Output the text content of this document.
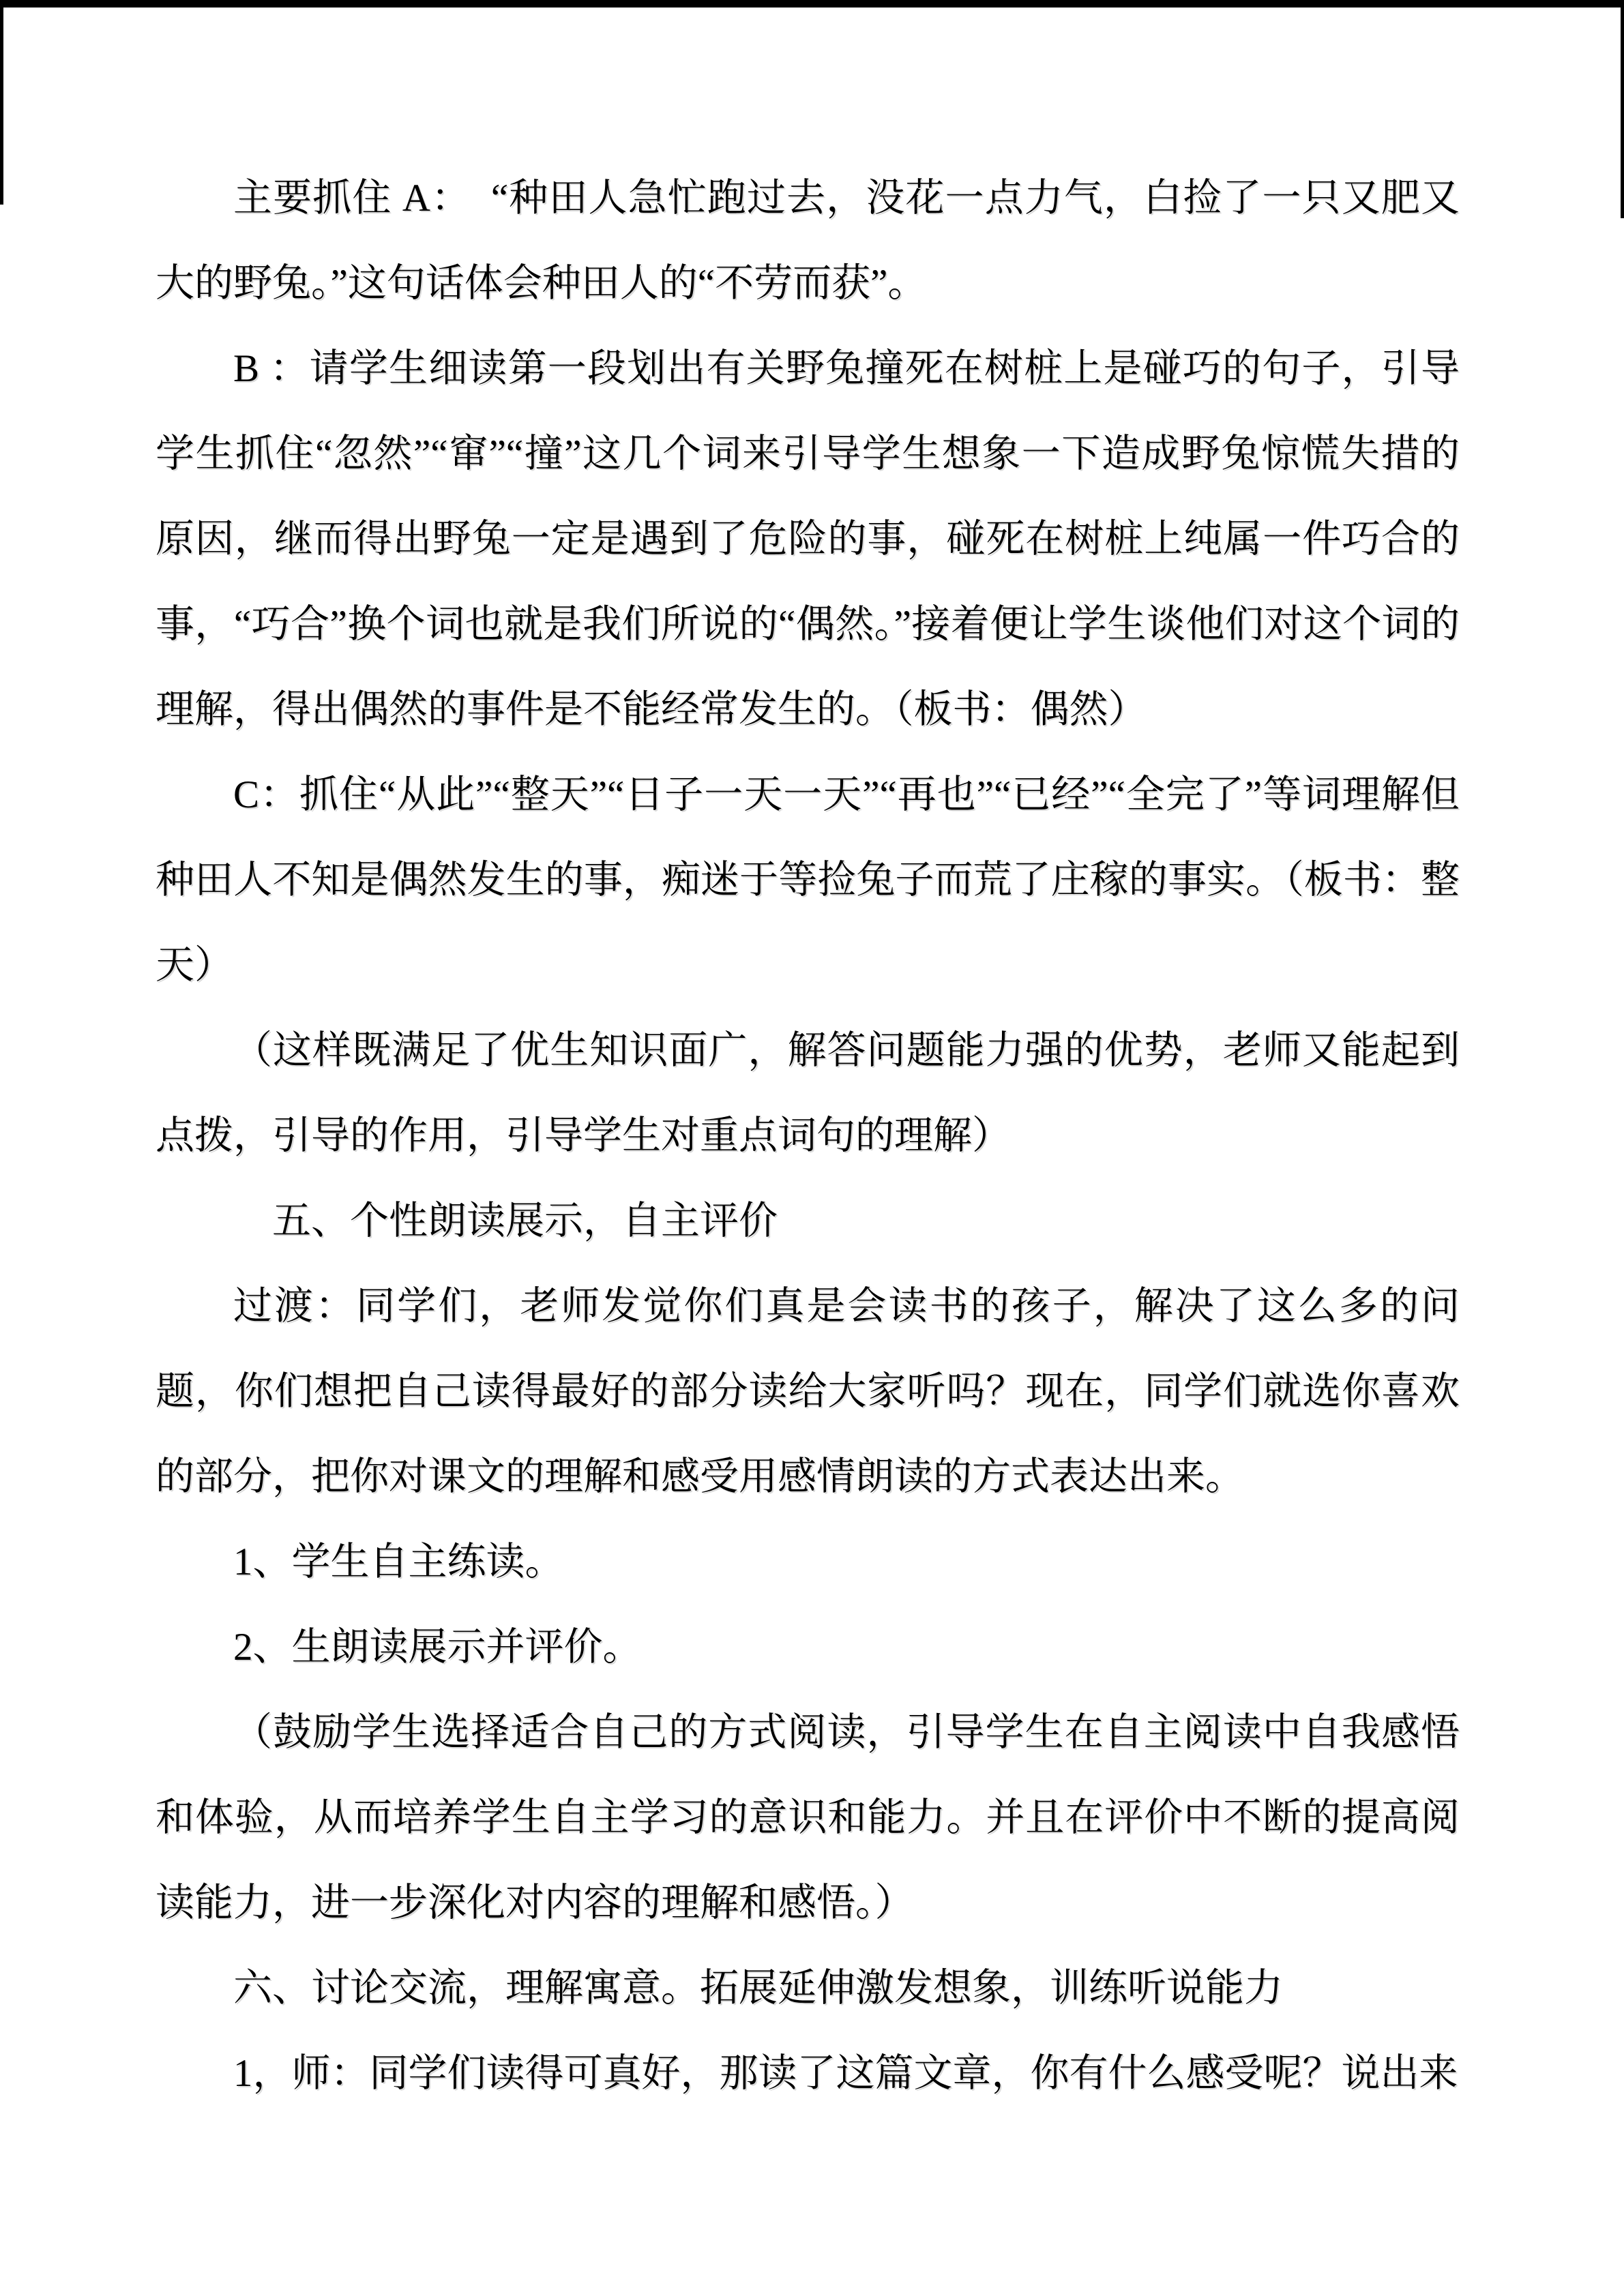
主要抓住 A：　“种田人急忙跑过去，没花一点力气，白捡了一只又肥又大的野兔。”这句话体会种田人的“不劳而获”。

B ：请学生细读第一段划出有关野兔撞死在树桩上是碰巧的句子，引导学生抓住“忽然”“窜”“撞”这几个词来引导学生想象一下造成野兔惊慌失措的原因，继而得出野兔一定是遇到了危险的事，碰死在树桩上纯属一件巧合的事，“巧合”换个词也就是我们所说的“偶然。”接着便让学生谈他们对这个词的理解，得出偶然的事件是不能经常发生的。（板书：偶然）

C：抓住“从此”“整天”“日子一天一天”“再也”“已经”“全完了”等词理解但种田人不知是偶然发生的事，痴迷于等捡兔子而荒了庄稼的事实。（板书：整天）

（这样既满足了优生知识面广，解答问题能力强的优势，老师又能起到点拨，引导的作用，引导学生对重点词句的理解）

五、个性朗读展示，自主评价

过渡：同学们，老师发觉你们真是会读书的孩子，解决了这么多的问题，你们想把自己读得最好的部分读给大家听吗？现在，同学们就选你喜欢的部分，把你对课文的理解和感受用感情朗读的方式表达出来。

1、学生自主练读。

2、生朗读展示并评价。

（鼓励学生选择适合自己的方式阅读，引导学生在自主阅读中自我感悟和体验，从而培养学生自主学习的意识和能力。并且在评价中不断的提高阅读能力，进一步深化对内容的理解和感悟。）

六、讨论交流，理解寓意。拓展延伸激发想象，训练听说能力

1，师：同学们读得可真好，那读了这篇文章，你有什么感受呢？说出来
